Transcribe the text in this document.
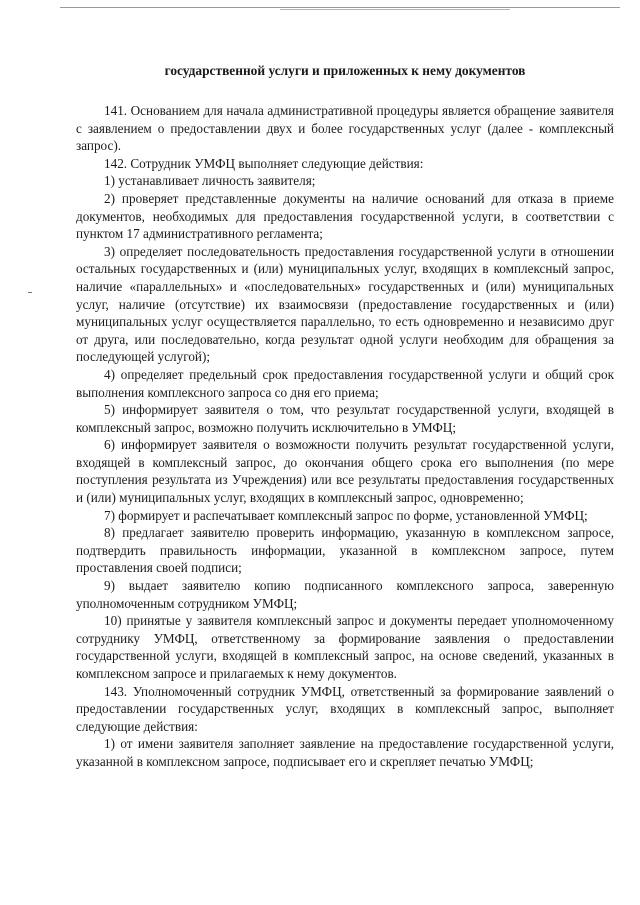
государственной услуги и приложенных к нему документов

141. Основанием для начала административной процедуры является обращение заявителя с заявлением о предоставлении двух и более государственных услуг (далее - комплексный запрос).

142. Сотрудник УМФЦ выполняет следующие действия:

1) устанавливает личность заявителя;

2) проверяет представленные документы на наличие оснований для отказа в приеме документов, необходимых для предоставления государственной услуги, в соответствии с пунктом 17 административного регламента;

3) определяет последовательность предоставления государственной услуги в отношении остальных государственных и (или) муниципальных услуг, входящих в комплексный запрос, наличие «параллельных» и «последовательных» государственных и (или) муниципальных услуг, наличие (отсутствие) их взаимосвязи (предоставление государственных и (или) муниципальных услуг осуществляется параллельно, то есть одновременно и независимо друг от друга, или последовательно, когда результат одной услуги необходим для обращения за последующей услугой);

4) определяет предельный срок предоставления государственной услуги и общий срок выполнения комплексного запроса со дня его приема;

5) информирует заявителя о том, что результат государственной услуги, входящей в комплексный запрос, возможно получить исключительно в УМФЦ;

6) информирует заявителя о возможности получить результат государственной услуги, входящей в комплексный запрос, до окончания общего срока его выполнения (по мере поступления результата из Учреждения) или все результаты предоставления государственных и (или) муниципальных услуг, входящих в комплексный запрос, одновременно;

7) формирует и распечатывает комплексный запрос по форме, установленной УМФЦ;

8) предлагает заявителю проверить информацию, указанную в комплексном запросе, подтвердить правильность информации, указанной в комплексном запросе, путем проставления своей подписи;

9) выдает заявителю копию подписанного комплексного запроса, заверенную уполномоченным сотрудником УМФЦ;

10) принятые у заявителя комплексный запрос и документы передает уполномоченному сотруднику УМФЦ, ответственному за формирование заявления о предоставлении государственной услуги, входящей в комплексный запрос, на основе сведений, указанных в комплексном запросе и прилагаемых к нему документов.

143. Уполномоченный сотрудник УМФЦ, ответственный за формирование заявлений о предоставлении государственных услуг, входящих в комплексный запрос, выполняет следующие действия:

1) от имени заявителя заполняет заявление на предоставление государственной услуги, указанной в комплексном запросе, подписывает его и скрепляет печатью УМФЦ;
